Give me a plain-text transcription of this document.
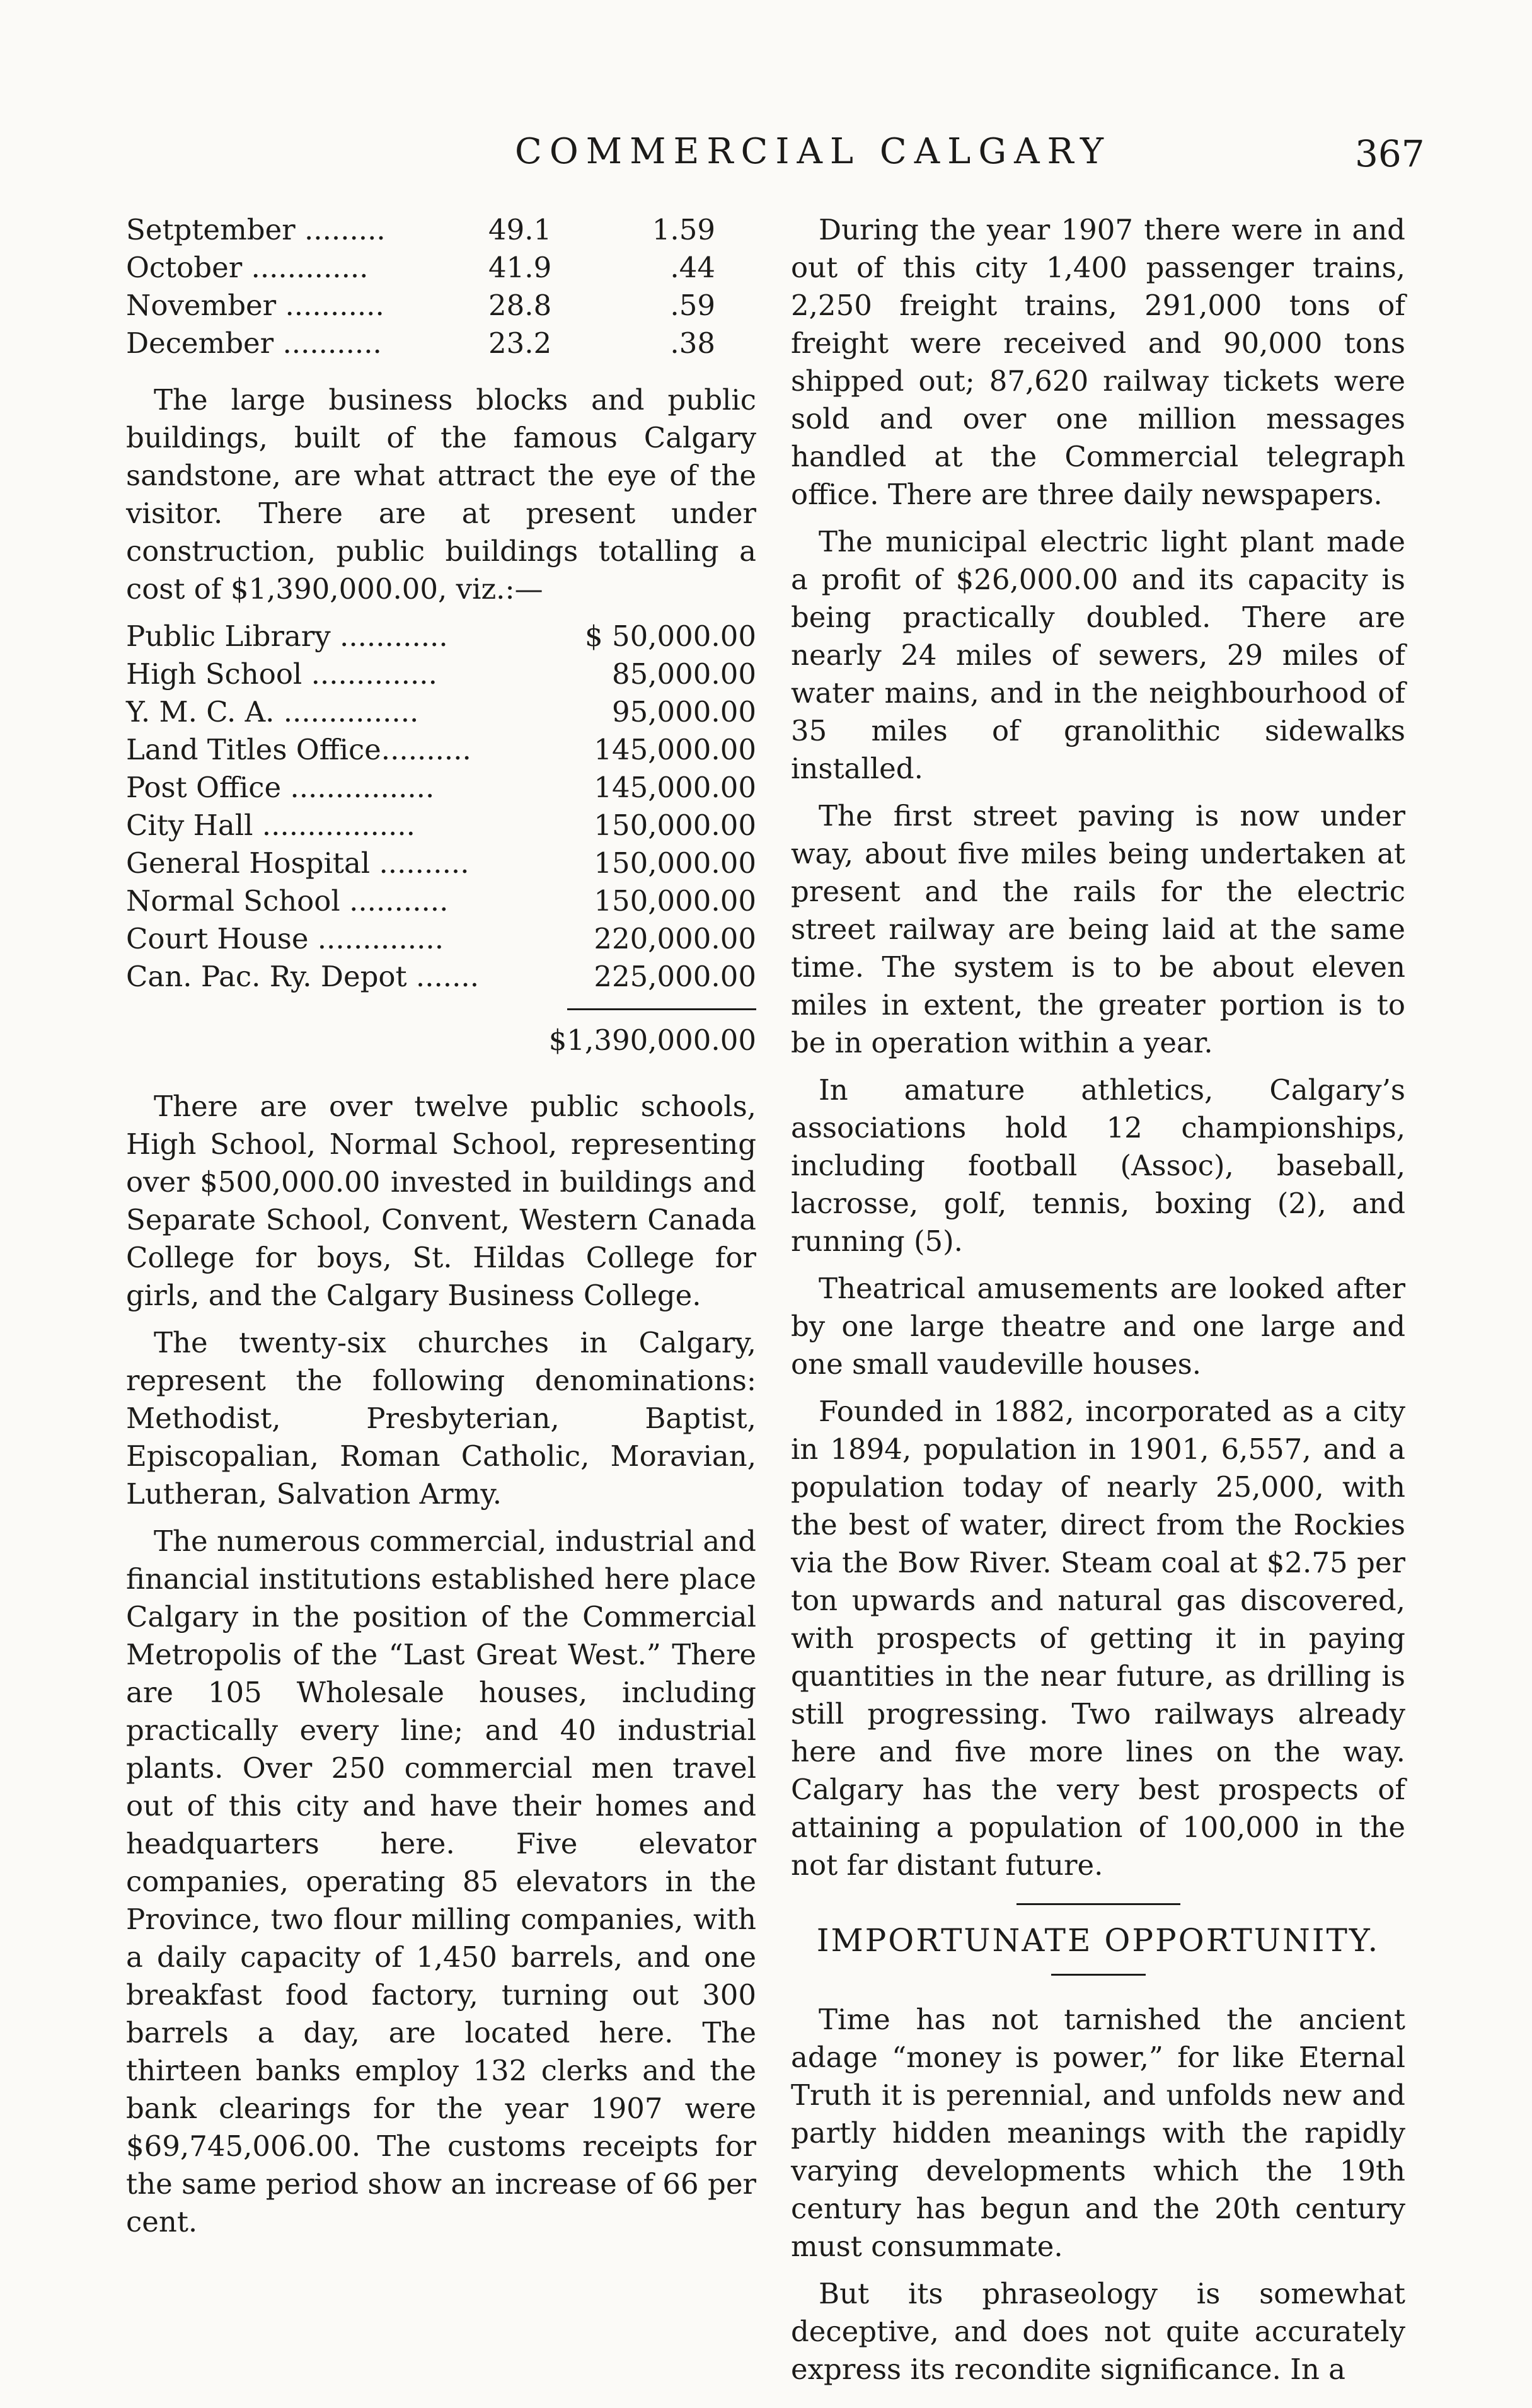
COMMERCIAL CALGARY	367
Setptember .........	49.1	1.59
October .............	41.9	.44
November ...........	28.8	.59
December ...........	23.2	.38

The large business blocks and public buildings, built of the famous Calgary sandstone, are what attract the eye of the visitor. There are at present under construction, public buildings totalling a cost of $1,390,000.00, viz.:—

Public Library ............	$ 50,000.00
High School ..............	85,000.00
Y. M. C. A. ...............	95,000.00
Land Titles Office..........	145,000.00
Post Office ................	145,000.00
City Hall .................	150,000.00
General Hospital ..........	150,000.00
Normal School ...........	150,000.00
Court House ..............	220,000.00
Can. Pac. Ry. Depot .......	225,000.00
$1,390,000.00

There are over twelve public schools, High School, Normal School, representing over $500,000.00 invested in buildings and Separate School, Convent, Western Canada College for boys, St. Hildas College for girls, and the Calgary Business College.

The twenty-six churches in Calgary, represent the following denominations: Methodist, Presbyterian, Baptist, Episcopalian, Roman Catholic, Moravian, Lutheran, Salvation Army.

The numerous commercial, industrial and financial institutions established here place Calgary in the position of the Commercial Metropolis of the “Last Great West.” There are 105 Wholesale houses, including practically every line; and 40 industrial plants. Over 250 commercial men travel out of this city and have their homes and headquarters here. Five elevator companies, operating 85 elevators in the Province, two flour milling companies, with a daily capacity of 1,450 barrels, and one breakfast food factory, turning out 300 barrels a day, are located here. The thirteen banks employ 132 clerks and the bank clearings for the year 1907 were $69,745,006.00. The customs receipts for the same period show an increase of 66 per cent.

During the year 1907 there were in and out of this city 1,400 passenger trains, 2,250 freight trains, 291,000 tons of freight were received and 90,000 tons shipped out; 87,620 railway tickets were sold and over one million messages handled at the Commercial telegraph office. There are three daily newspapers.

The municipal electric light plant made a profit of $26,000.00 and its capacity is being practically doubled. There are nearly 24 miles of sewers, 29 miles of water mains, and in the neighbourhood of 35 miles of granolithic sidewalks installed.

The first street paving is now under way, about five miles being undertaken at present and the rails for the electric street railway are being laid at the same time. The system is to be about eleven miles in extent, the greater portion is to be in operation within a year.

In amature athletics, Calgary’s associations hold 12 championships, including football (Assoc), baseball, lacrosse, golf, tennis, boxing (2), and running (5).

Theatrical amusements are looked after by one large theatre and one large and one small vaudeville houses.

Founded in 1882, incorporated as a city in 1894, population in 1901, 6,557, and a population today of nearly 25,000, with the best of water, direct from the Rockies via the Bow River. Steam coal at $2.75 per ton upwards and natural gas discovered, with prospects of getting it in paying quantities in the near future, as drilling is still progressing. Two railways already here and five more lines on the way. Calgary has the very best prospects of attaining a population of 100,000 in the not far distant future.

IMPORTUNATE OPPORTUNITY.

Time has not tarnished the ancient adage “money is power,” for like Eternal Truth it is perennial, and unfolds new and partly hidden meanings with the rapidly varying developments which the 19th century has begun and the 20th century must consummate.

But its phraseology is somewhat deceptive, and does not quite accurately express its recondite significance. In a
